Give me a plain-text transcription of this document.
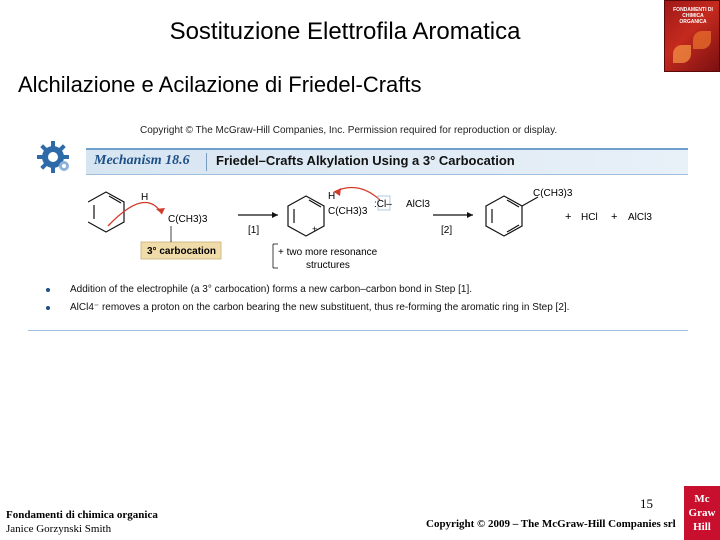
Sostituzione Elettrofila Aromatica
Alchilazione e Acilazione di Friedel-Crafts
FONDAMENTI DI CHIMICA ORGANICA
Copyright © The McGraw-Hill Companies, Inc. Permission required for reproduction or display.
Mechanism 18.6 Friedel–Crafts Alkylation Using a 3° Carbocation
H
C(CH3)3
3° carbocation
[1]	+
H
C(CH3)3
:Cl– AlCl3
[2]
+ two more resonance
structures
C(CH3)3
+ HCl + AlCl3
Addition of the electrophile (a 3° carbocation) forms a new carbon–carbon bond in Step [1].
AlCl4⁻ removes a proton on the carbon bearing the new substituent, thus re-forming the aromatic ring in Step [2].
Fondamenti di chimica organica
Janice Gorzynski Smith
15
Copyright © 2009 – The McGraw-Hill Companies srl
Mc
Graw
Hill
